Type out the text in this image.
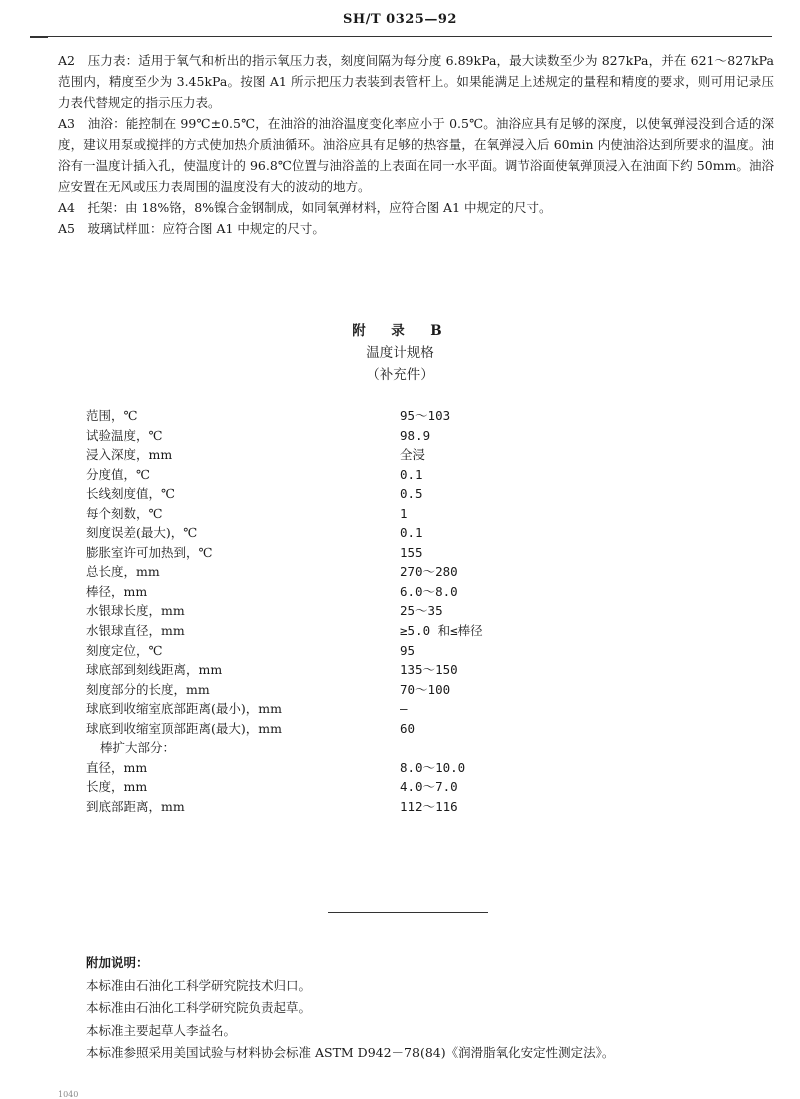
SH/T 0325—92

A2　压力表：适用于氧气和析出的指示氧压力表，刻度间隔为每分度 6.89kPa，最大读数至少为 827kPa，并在 621～827kPa 范围内，精度至少为 3.45kPa。按图 A1 所示把压力表装到表管杆上。如果能满足上述规定的量程和精度的要求，则可用记录压力表代替规定的指示压力表。

A3　油浴：能控制在 99℃±0.5℃，在油浴的油浴温度变化率应小于 0.5℃。油浴应具有足够的深度，以使氧弹浸没到合适的深度，建议用泵或搅拌的方式使加热介质油循环。油浴应具有足够的热容量，在氧弹浸入后 60min 内使油浴达到所要求的温度。油浴有一温度计插入孔，使温度计的 96.8℃位置与油浴盖的上表面在同一水平面。调节浴面使氧弹顶浸入在油面下约 50mm。油浴应安置在无风或压力表周围的温度没有大的波动的地方。

A4　托架：由 18%铬，8%镍合金钢制成，如同氧弹材料，应符合图 A1 中规定的尺寸。

A5　玻璃试样皿：应符合图 A1 中规定的尺寸。

附　录　B
温度计规格
（补充件）
范围，℃	95～103
试验温度，℃	98.9
浸入深度，mm	全浸
分度值，℃	0.1
长线刻度值，℃	0.5
每个刻数，℃	1
刻度误差(最大)，℃	0.1
膨胀室许可加热到，℃	155
总长度，mm	270～280
棒径，mm	6.0～8.0
水银球长度，mm	25～35
水银球直径，mm	≥5.0 和≤棒径
刻度定位，℃	95
球底部到刻线距离，mm	135～150
刻度部分的长度，mm	70～100
球底到收缩室底部距离(最小)，mm	—
球底到收缩室顶部距离(最大)，mm	60
棒扩大部分：
直径，mm	8.0～10.0
长度，mm	4.0～7.0
到底部距离，mm	112～116
附加说明：
本标准由石油化工科学研究院技术归口。
本标准由石油化工科学研究院负责起草。
本标准主要起草人李益名。
本标准参照采用美国试验与材料协会标准 ASTM D942－78(84)《润滑脂氧化安定性测定法》。
1040
